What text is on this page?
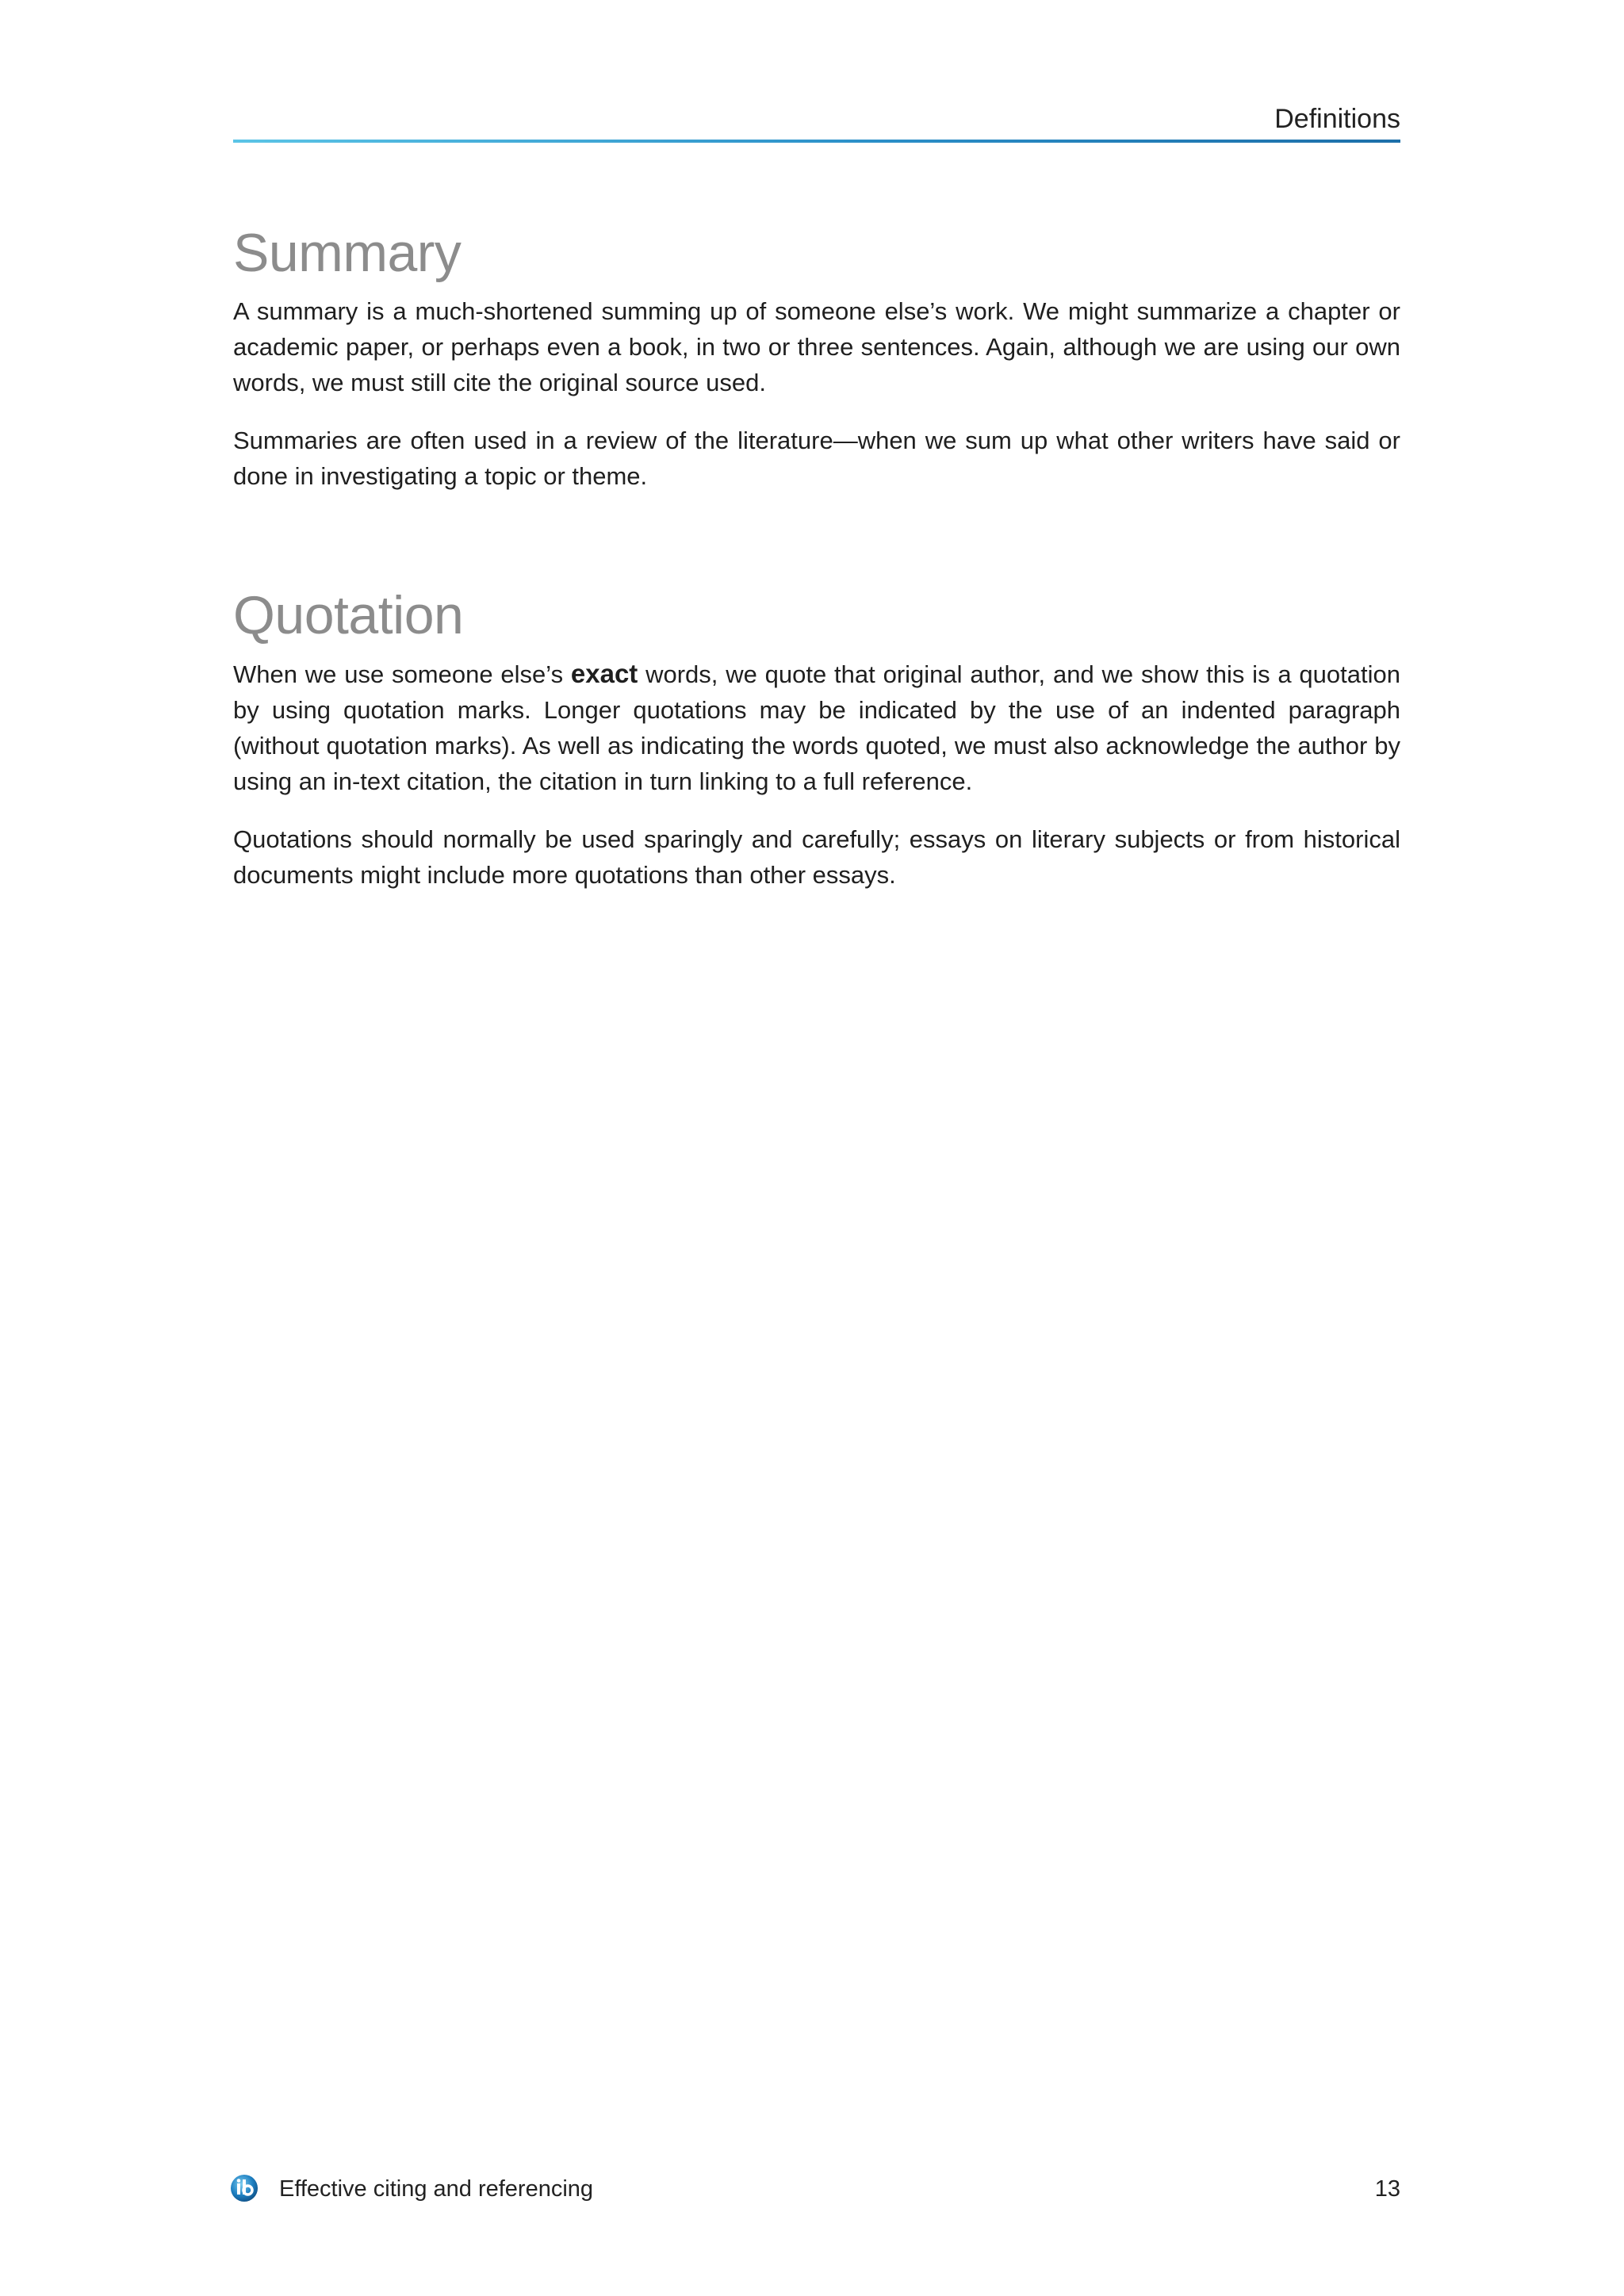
Definitions
Summary

A summary is a much-shortened summing up of someone else’s work. We might summarize a chapter or academic paper, or perhaps even a book, in two or three sentences. Again, although we are using our own words, we must still cite the original source used.

Summaries are often used in a review of the literature—when we sum up what other writers have said or done in investigating a topic or theme.

Quotation

When we use someone else’s exact words, we quote that original author, and we show this is a quotation by using quotation marks. Longer quotations may be indicated by the use of an indented paragraph (without quotation marks). As well as indicating the words quoted, we must also acknowledge the author by using an in-text citation, the citation in turn linking to a full reference.

Quotations should normally be used sparingly and carefully; essays on literary subjects or from historical documents might include more quotations than other essays.

Effective citing and referencing	13
